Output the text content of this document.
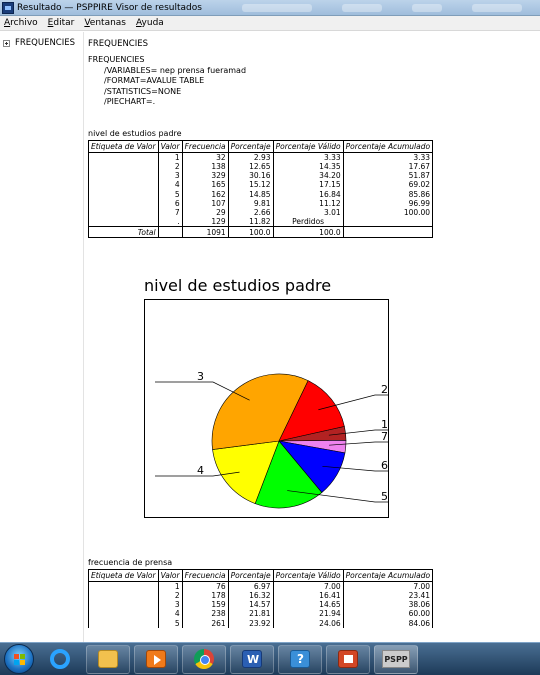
Resultado — PSPPIRE Visor de resultados
Archivo Editar Ventanas Ayuda
FREQUENCIES FREQUENCIES
FREQUENCIES
/VARIABLES= nep prensa fueramad
/FORMAT=AVALUE TABLE
/STATISTICS=NONE
/PIECHART=.
nivel de estudios padre
Etiqueta de Valor	Valor	Frecuencia	Porcentaje	Porcentaje Válido	Porcentaje Acumulado
	1	32	2.93	3.33	3.33
	2	138	12.65	14.35	17.67
	3	329	30.16	34.20	51.87
	4	165	15.12	17.15	69.02
	5	162	14.85	16.84	85.86
	6	107	9.81	11.12	96.99
	7	29	2.66	3.01	100.00
	.	129	11.82	Perdidos	
Total		1091	100.0	100.0	
nivel de estudios padre
1
7
6
5
4
3
2
frecuencia de prensa
Etiqueta de Valor	Valor	Frecuencia	Porcentaje	Porcentaje Válido	Porcentaje Acumulado
	1	76	6.97	7.00	7.00
	2	178	16.32	16.41	23.41
	3	159	14.57	14.65	38.06
	4	238	21.81	21.94	60.00
	5	261	23.92	24.06	84.06
W
?
PSPP
